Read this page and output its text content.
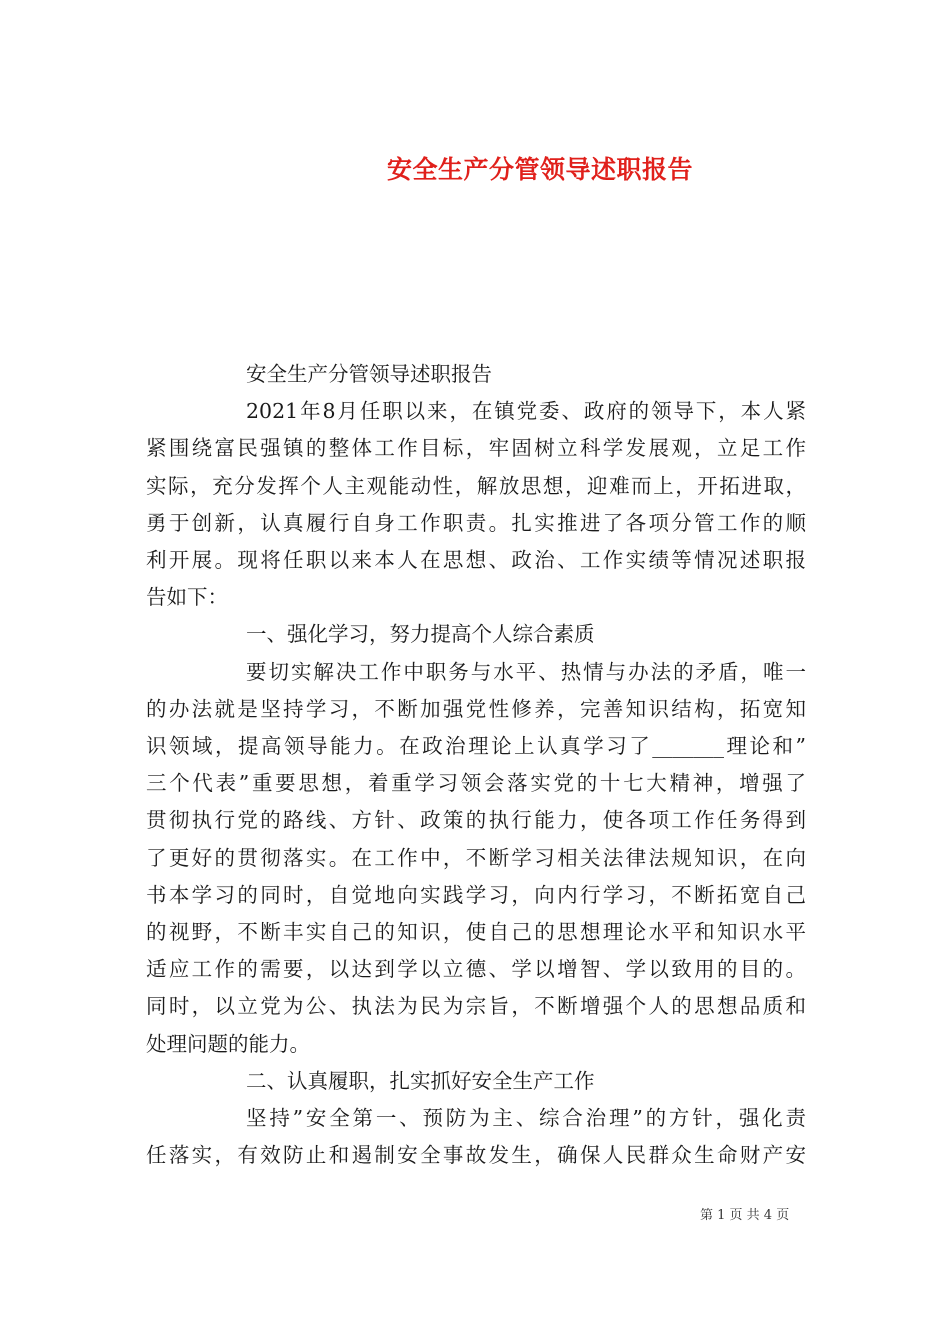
安全生产分管领导述职报告
安全生产分管领导述职报告
2021年8月任职以来，在镇党委、政府的领导下，本人紧
紧围绕富民强镇的整体工作目标，牢固树立科学发展观，立足工作
实际，充分发挥个人主观能动性，解放思想，迎难而上，开拓进取，
勇于创新，认真履行自身工作职责。扎实推进了各项分管工作的顺
利开展。现将任职以来本人在思想、政治、工作实绩等情况述职报
告如下：
一、强化学习，努力提高个人综合素质
要切实解决工作中职务与水平、热情与办法的矛盾，唯一
的办法就是坚持学习，不断加强党性修养，完善知识结构，拓宽知
识领域，提高领导能力。在政治理论上认真学习了_______理论和”
三个代表”重要思想，着重学习领会落实党的十七大精神，增强了
贯彻执行党的路线、方针、政策的执行能力，使各项工作任务得到
了更好的贯彻落实。在工作中，不断学习相关法律法规知识，在向
书本学习的同时，自觉地向实践学习，向内行学习，不断拓宽自己
的视野，不断丰实自己的知识，使自己的思想理论水平和知识水平
适应工作的需要，以达到学以立德、学以增智、学以致用的目的。
同时，以立党为公、执法为民为宗旨，不断增强个人的思想品质和
处理问题的能力。
二、认真履职，扎实抓好安全生产工作
坚持”安全第一、预防为主、综合治理”的方针，强化责
任落实，有效防止和遏制安全事故发生，确保人民群众生命财产安
第 1 页 共 4 页
